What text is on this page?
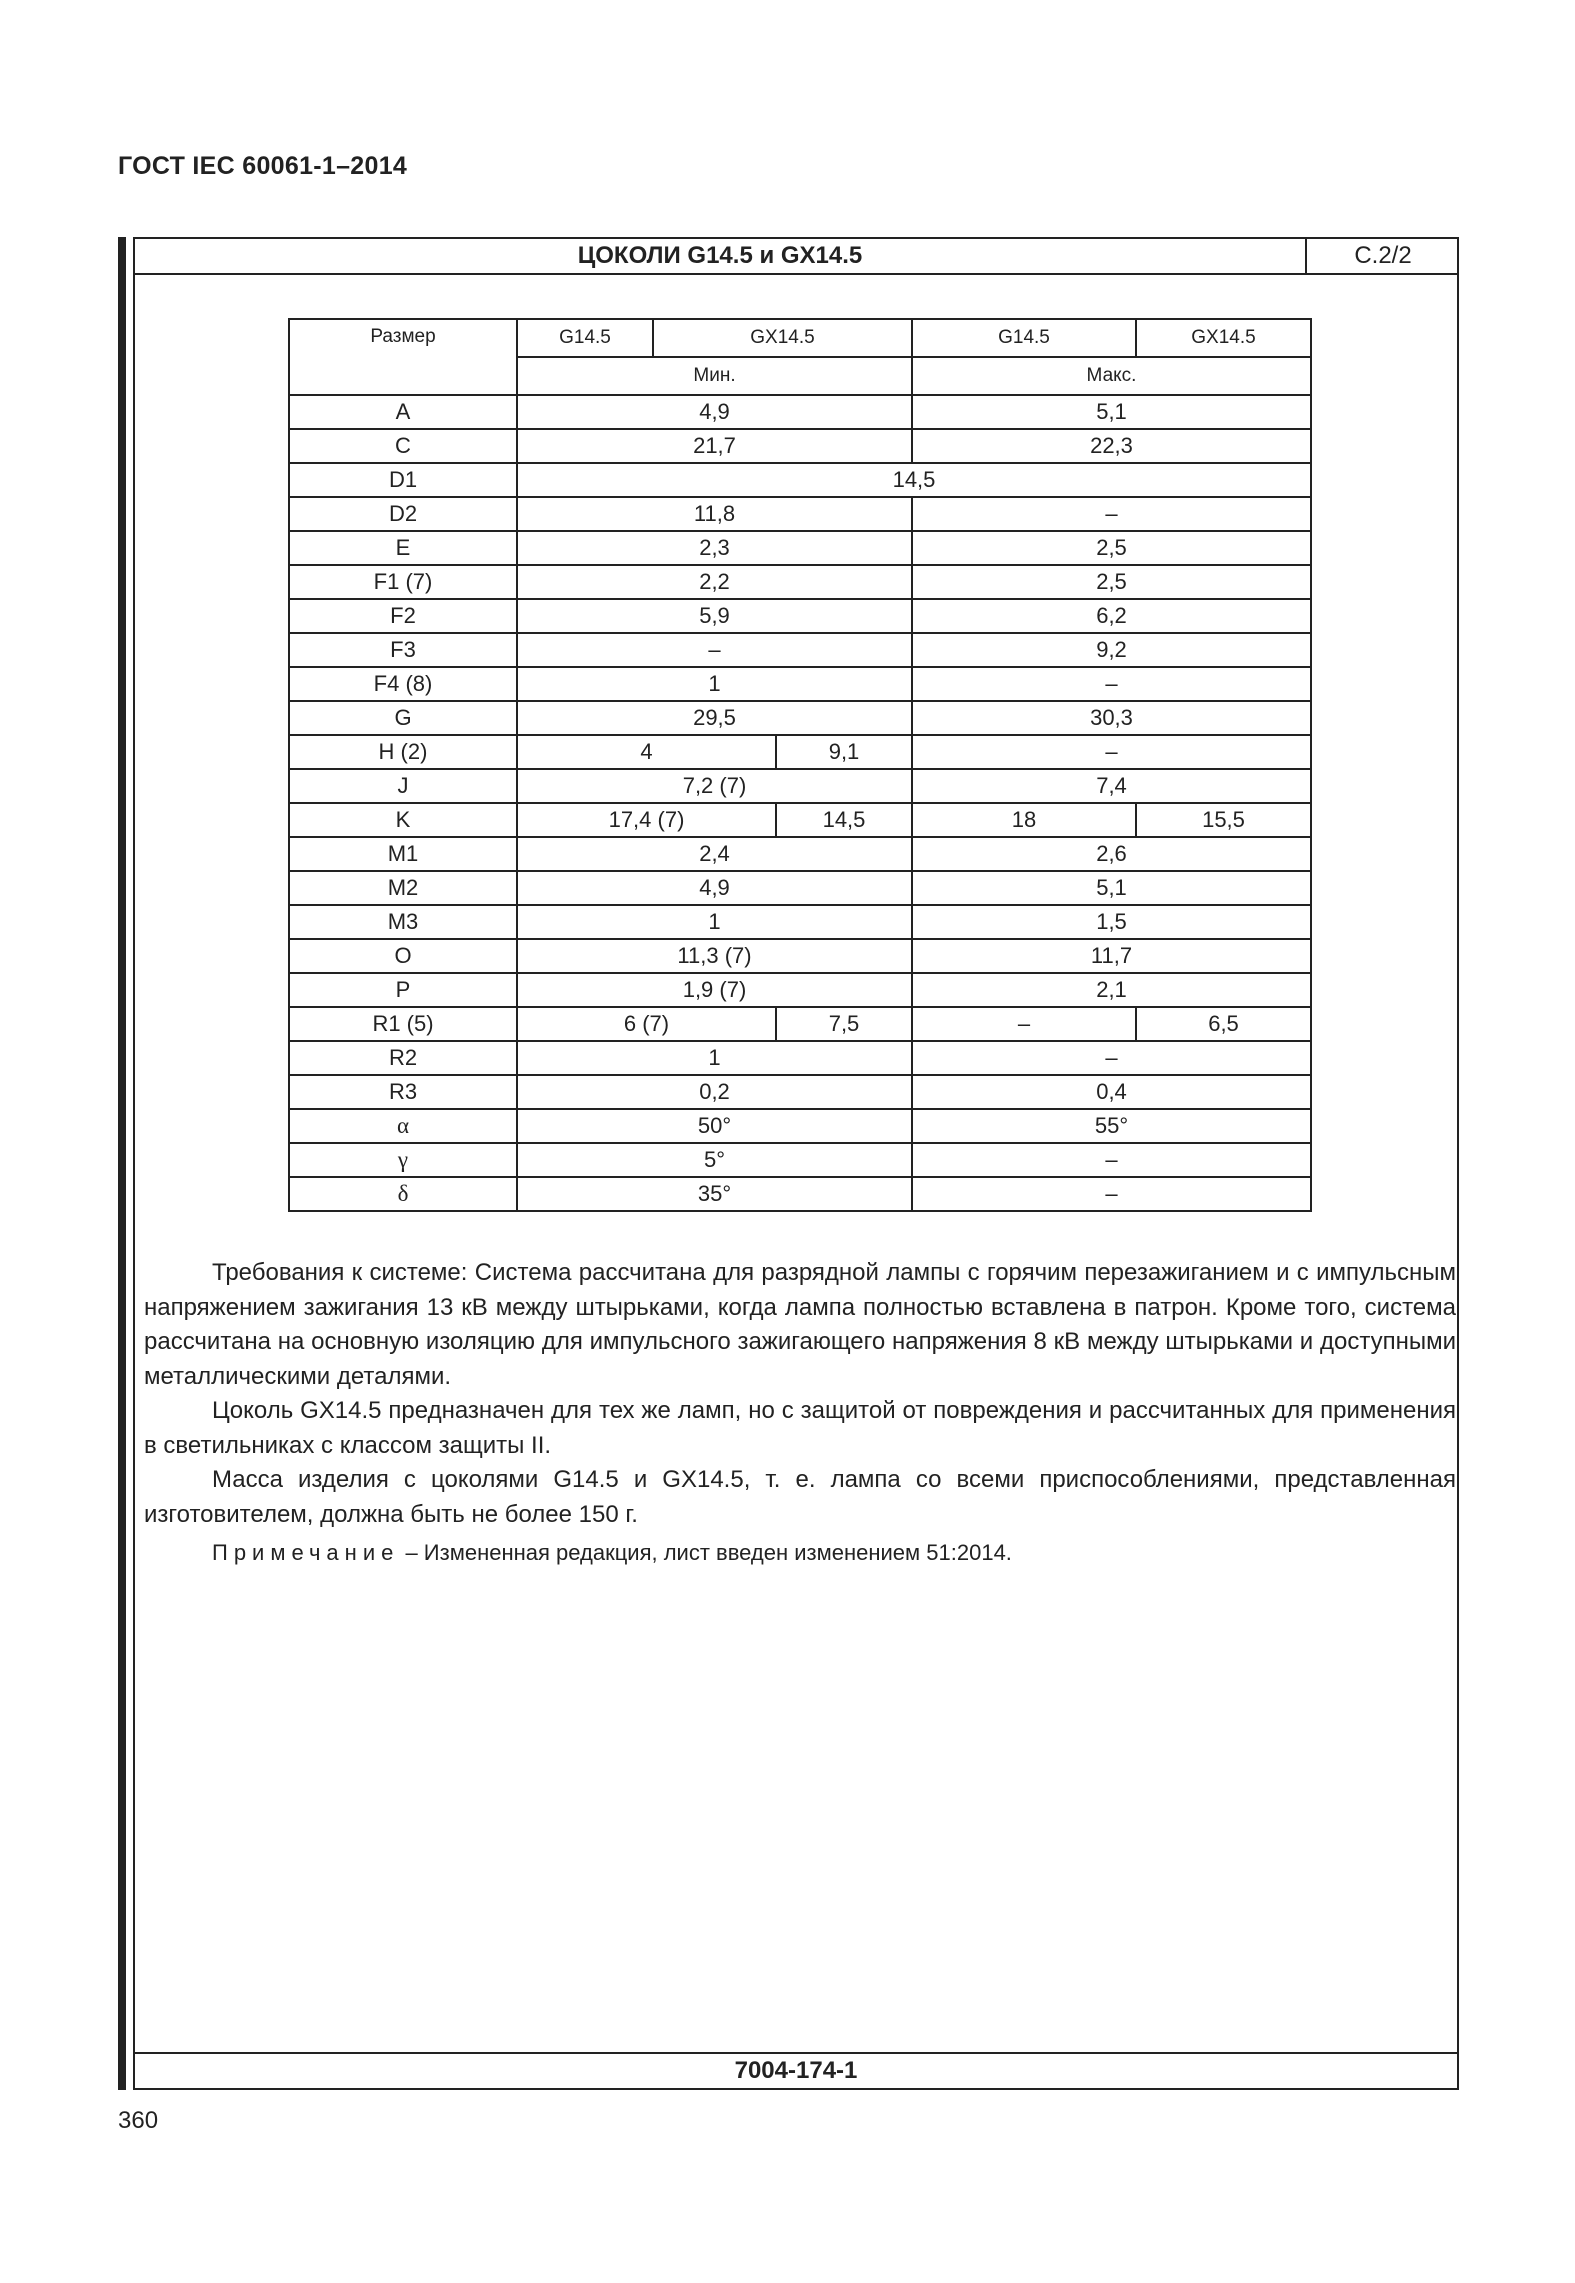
ГОСТ IEC 60061-1–2014
ЦОКОЛИ G14.5 и GX14.5	С.2/2
7004-174-1
Размер	G14.5	GX14.5		G14.5	GX14.5
	Мин.			Макс.	
A	4,9			5,1	
C	21,7			22,3	
D1	14,5				
D2	11,8			–	
E	2,3			2,5	
F1 (7)	2,2			2,5	
F2	5,9			6,2	
F3	–			9,2	
F4 (8)	1			–	
G	29,5			30,3	
H (2)	4		9,1	–	
J	7,2 (7)			7,4	
K	17,4 (7)		14,5	18	15,5
M1	2,4			2,6	
M2	4,9			5,1	
M3	1			1,5	
O	11,3 (7)			11,7	
P	1,9 (7)			2,1	
R1 (5)	6 (7)		7,5	–	6,5
R2	1			–	
R3	0,2			0,4	
α	50°			55°	
γ	5°			–	
δ	35°			–	

Требования к системе: Система рассчитана для разрядной лампы с горячим перезажиганием и с импульсным напряжением зажигания 13 кВ между штырьками, когда лампа полностью вставлена в патрон. Кроме того, система рассчитана на основную изоляцию для импульсного зажигающего напряжения 8 кВ между штырьками и доступными металлическими деталями.

Цоколь GX14.5 предназначен для тех же ламп, но с защитой от повреждения и рассчитанных для применения в светильниках с классом защиты II.

Масса изделия с цоколями G14.5 и GX14.5, т. е. лампа со всеми приспособлениями, представленная изготовителем, должна быть не более 150 г.

Примечание – Измененная редакция, лист введен изменением 51:2014.
360
